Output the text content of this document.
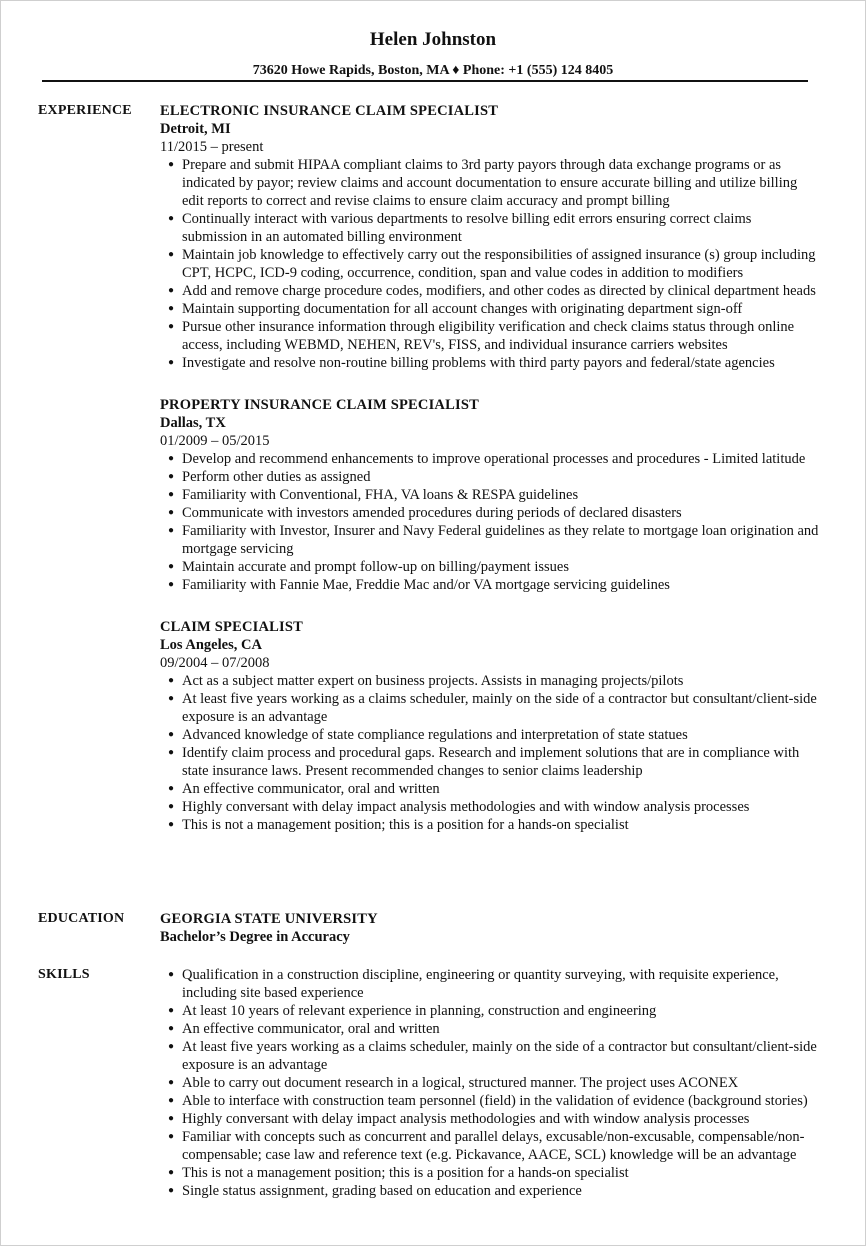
Helen Johnston
73620 Howe Rapids, Boston, MA ♦ Phone: +1 (555) 124 8405
EXPERIENCE ELECTRONIC INSURANCE CLAIM SPECIALIST
Detroit, MI
11/2015 – present
● Prepare and submit HIPAA compliant claims to 3rd party payors through data exchange programs or as indicated by payor; review claims and account documentation to ensure accurate billing and utilize billing edit reports to correct and revise claims to ensure claim accuracy and prompt billing
● Continually interact with various departments to resolve billing edit errors ensuring correct claims submission in an automated billing environment
● Maintain job knowledge to effectively carry out the responsibilities of assigned insurance (s) group including CPT, HCPC, ICD-9 coding, occurrence, condition, span and value codes in addition to modifiers
● Add and remove charge procedure codes, modifiers, and other codes as directed by clinical department heads
● Maintain supporting documentation for all account changes with originating department sign-off
● Pursue other insurance information through eligibility verification and check claims status through online access, including WEBMD, NEHEN, REV's, FISS, and individual insurance carriers websites
● Investigate and resolve non-routine billing problems with third party payors and federal/state agencies
PROPERTY INSURANCE CLAIM SPECIALIST
Dallas, TX
01/2009 – 05/2015
● Develop and recommend enhancements to improve operational processes and procedures - Limited latitude
● Perform other duties as assigned
● Familiarity with Conventional, FHA, VA loans & RESPA guidelines
● Communicate with investors amended procedures during periods of declared disasters
● Familiarity with Investor, Insurer and Navy Federal guidelines as they relate to mortgage loan origination and mortgage servicing
● Maintain accurate and prompt follow-up on billing/payment issues
● Familiarity with Fannie Mae, Freddie Mac and/or VA mortgage servicing guidelines
CLAIM SPECIALIST
Los Angeles, CA
09/2004 – 07/2008
● Act as a subject matter expert on business projects. Assists in managing projects/pilots
● At least five years working as a claims scheduler, mainly on the side of a contractor but consultant/client-side exposure is an advantage
● Advanced knowledge of state compliance regulations and interpretation of state statues
● Identify claim process and procedural gaps. Research and implement solutions that are in compliance with state insurance laws. Present recommended changes to senior claims leadership
● An effective communicator, oral and written
● Highly conversant with delay impact analysis methodologies and with window analysis processes
● This is not a management position; this is a position for a hands-on specialist
EDUCATION GEORGIA STATE UNIVERSITY
Bachelor’s Degree in Accuracy
SKILLS	● Qualification in a construction discipline, engineering or quantity surveying, with requisite experience, including site based experience
● At least 10 years of relevant experience in planning, construction and engineering
● An effective communicator, oral and written
● At least five years working as a claims scheduler, mainly on the side of a contractor but consultant/client-side exposure is an advantage
● Able to carry out document research in a logical, structured manner. The project uses ACONEX
● Able to interface with construction team personnel (field) in the validation of evidence (background stories)
● Highly conversant with delay impact analysis methodologies and with window analysis processes
● Familiar with concepts such as concurrent and parallel delays, excusable/non-excusable, compensable/non-compensable; case law and reference text (e.g. Pickavance, AACE, SCL) knowledge will be an advantage
● This is not a management position; this is a position for a hands-on specialist
● Single status assignment, grading based on education and experience
